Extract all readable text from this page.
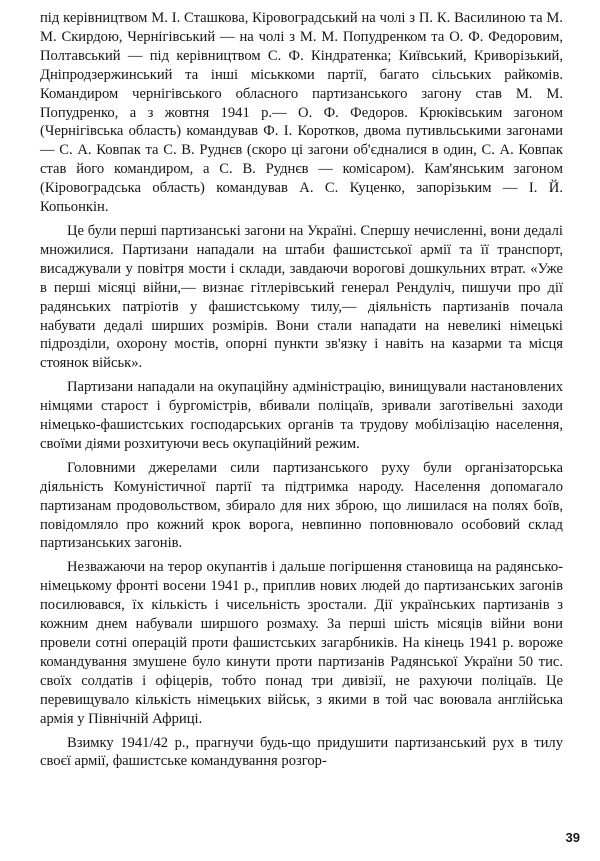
під керівництвом М. І. Сташкова, Кіровоградський на чолі з П. К. Василиною та М. М. Скирдою, Чернігівський — на чолі з М. М. Попудренком та О. Ф. Федоровим, Полтавський — під керівництвом С. Ф. Кіндратенка; Київський, Криворізький, Дніпродзержинський та інші міськкоми партії, багато сільських райкомів. Командиром чернігівського обласного партизанського загону став М. М. Попудренко, а з жовтня 1941 р.— О. Ф. Федоров. Крюківським загоном (Чернігівська область) командував Ф. І. Коротков, двома путивльськими загонами — С. А. Ковпак та С. В. Руднєв (скоро ці загони об'єдналися в один, С. А. Ковпак став його командиром, а С. В. Руднєв — комісаром). Кам'янським загоном (Кіровоградська область) командував А. С. Куценко, запорізьким — І. Й. Копьонкін.

Це були перші партизанські загони на Україні. Спершу нечисленні, вони дедалі множилися. Партизани нападали на штаби фашистської армії та її транспорт, висаджували у повітря мости і склади, завдаючи ворогові дошкульних втрат. «Уже в перші місяці війни,— визнає гітлерівський генерал Рендуліч, пишучи про дії радянських патріотів у фашистському тилу,— діяльність партизанів почала набувати дедалі ширших розмірів. Вони стали нападати на невеликі німецькі підрозділи, охорону мостів, опорні пункти зв'язку і навіть на казарми та місця стоянок військ».

Партизани нападали на окупаційну адміністрацію, винищували настановлених німцями старост і бургомістрів, вбивали поліцаїв, зривали заготівельні заходи німецько-фашистських господарських органів та трудову мобілізацію населення, своїми діями розхитуючи весь окупаційний режим.

Головними джерелами сили партизанського руху були організаторська діяльність Комуністичної партії та підтримка народу. Населення допомагало партизанам продовольством, збирало для них зброю, що лишилася на полях боїв, повідомляло про кожний крок ворога, невпинно поповнювало особовий склад партизанських загонів.

Незважаючи на терор окупантів і дальше погіршення становища на радянсько-німецькому фронті восени 1941 р., приплив нових людей до партизанських загонів посилювався, їх кількість і чисельність зростали. Дії українських партизанів з кожним днем набували ширшого розмаху. За перші шість місяців війни вони провели сотні операцій проти фашистських загарбників. На кінець 1941 р. вороже командування змушене було кинути проти партизанів Радянської України 50 тис. своїх солдатів і офіцерів, тобто понад три дивізії, не рахуючи поліцаїв. Це перевищувало кількість німецьких військ, з якими в той час воювала англійська армія у Північній Африці.

Взимку 1941/42 р., прагнучи будь-що придушити партизанський рух в тилу своєї армії, фашистське командування розгор-

39
